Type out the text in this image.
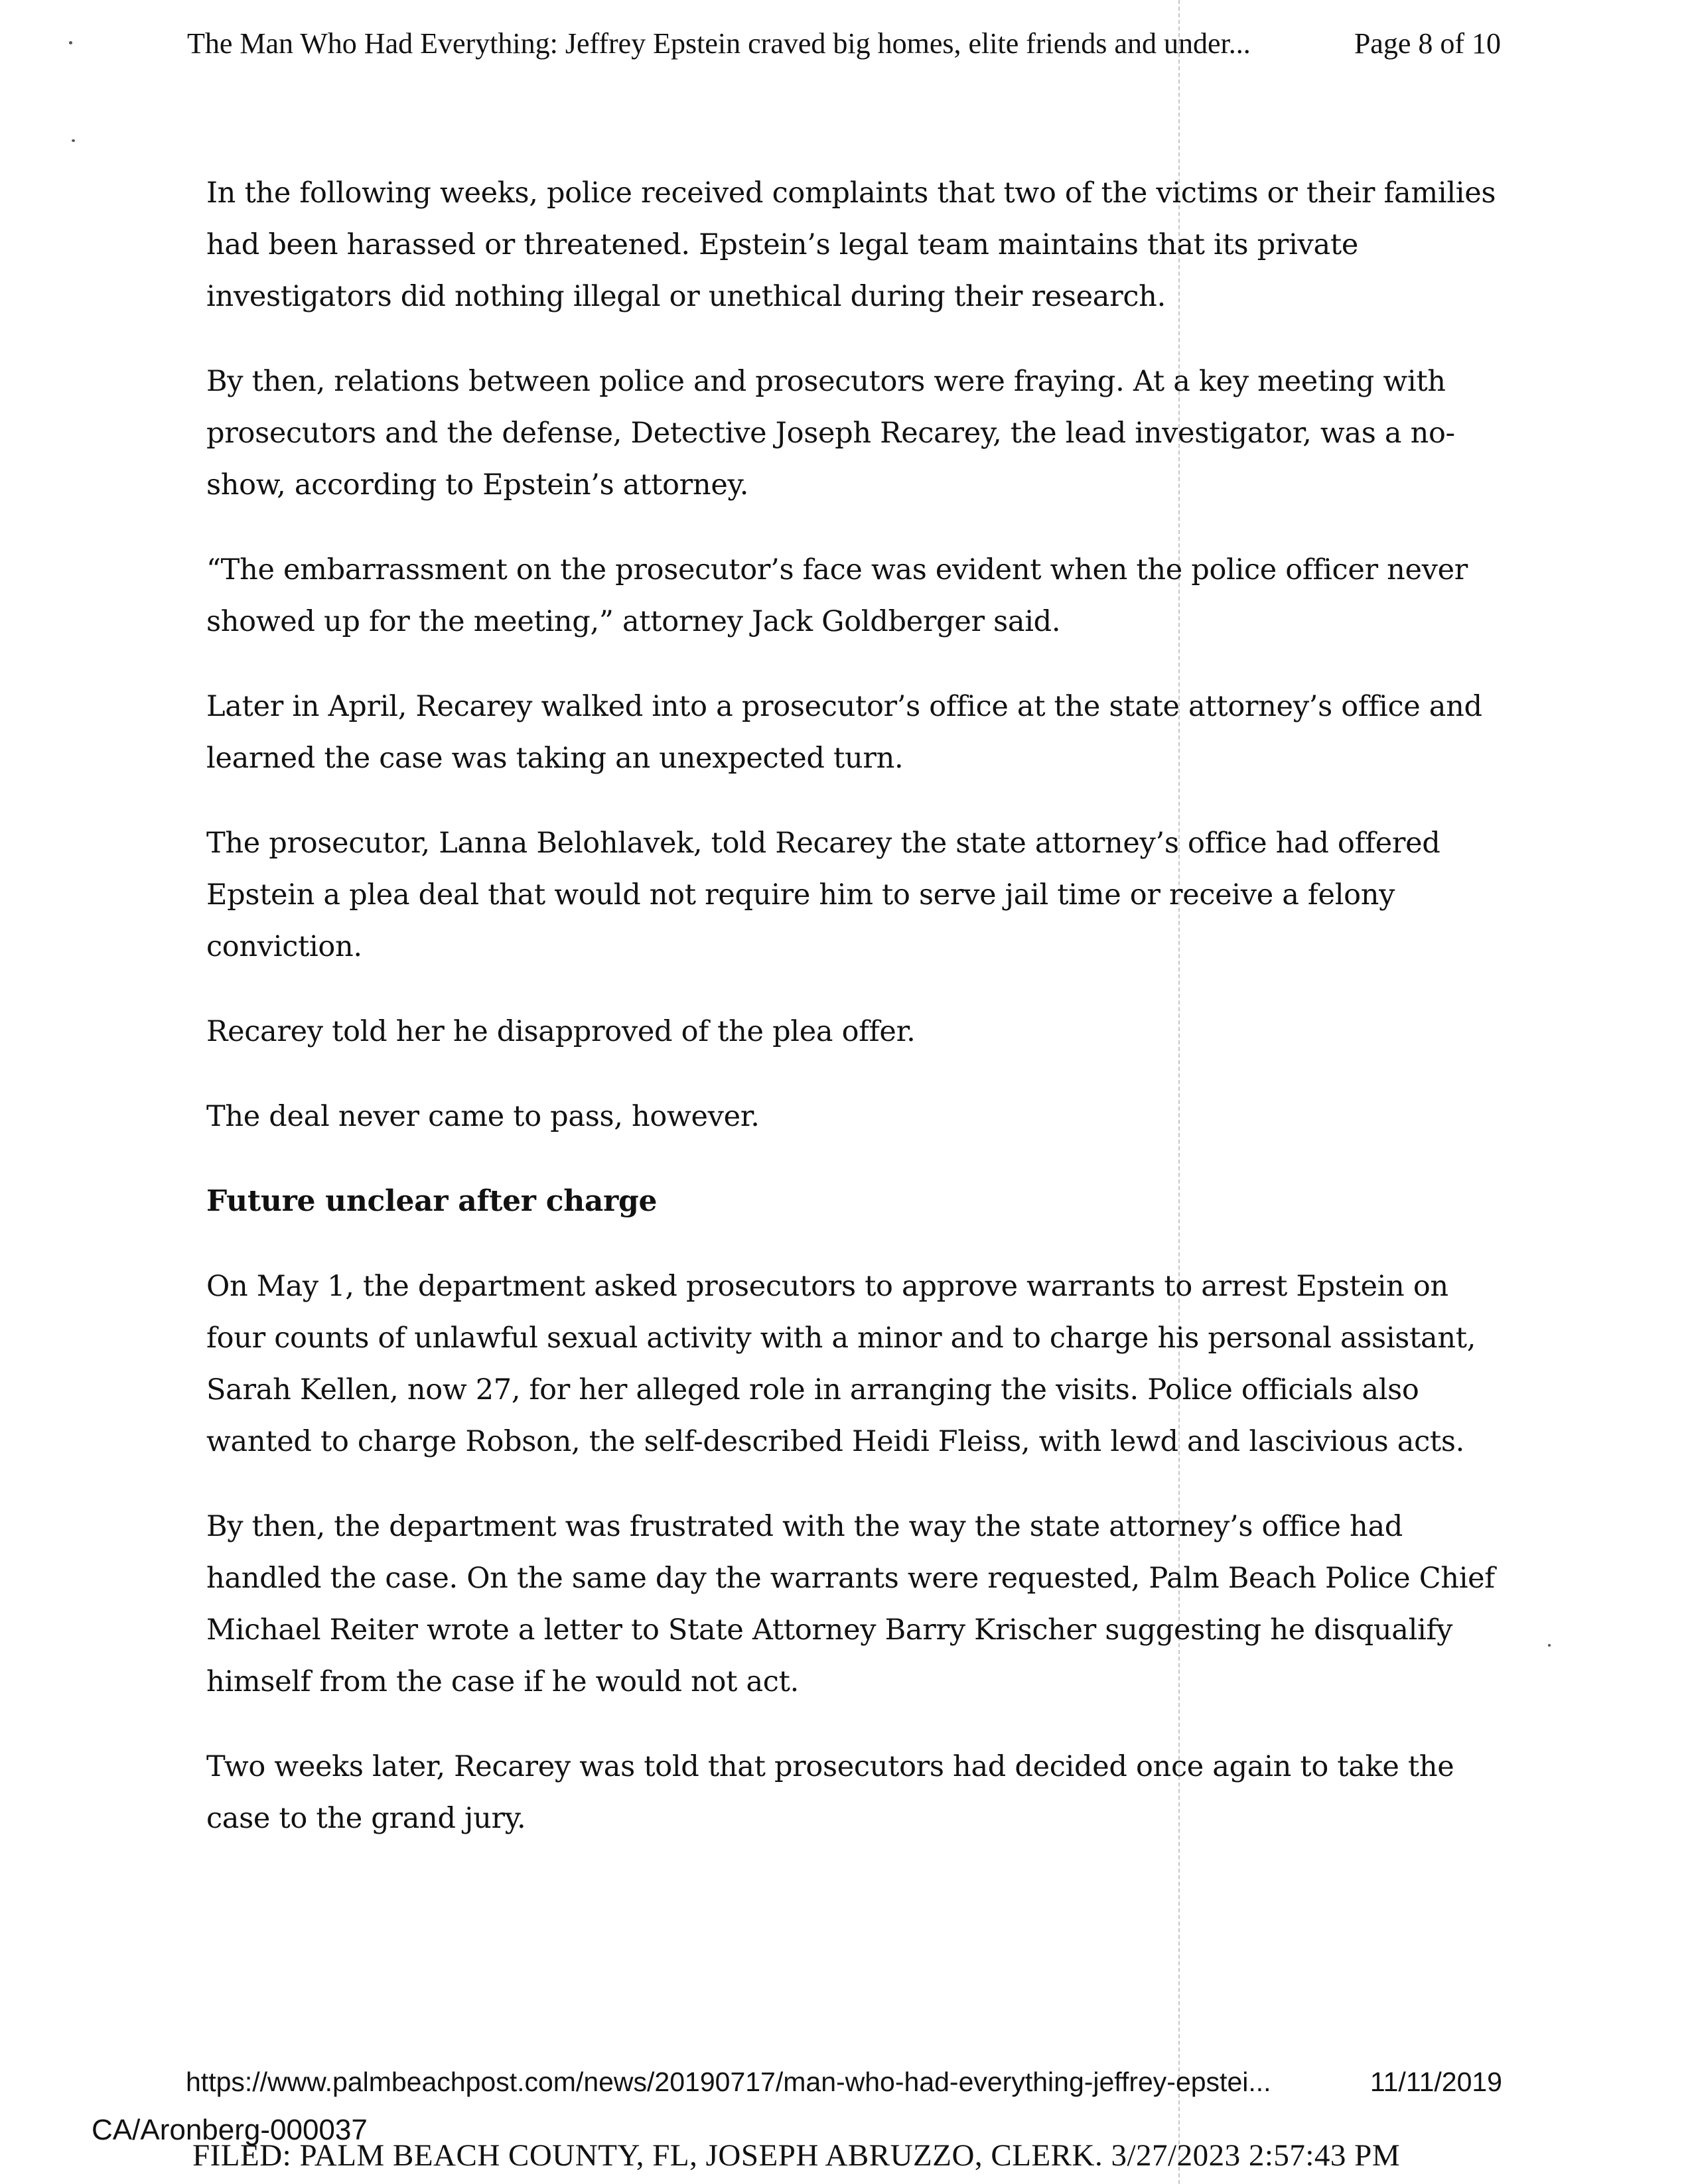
The Man Who Had Everything: Jeffrey Epstein craved big homes, elite friends and under...	Page 8 of 10

In the following weeks, police received complaints that two of the victims or their families had been harassed or threatened. Epstein’s legal team maintains that its private investigators did nothing illegal or unethical during their research.

By then, relations between police and prosecutors were fraying. At a key meeting with prosecutors and the defense, Detective Joseph Recarey, the lead investigator, was a no-show, according to Epstein’s attorney.

“The embarrassment on the prosecutor’s face was evident when the police officer never showed up for the meeting,” attorney Jack Goldberger said.

Later in April, Recarey walked into a prosecutor’s office at the state attorney’s office and learned the case was taking an unexpected turn.

The prosecutor, Lanna Belohlavek, told Recarey the state attorney’s office had offered Epstein a plea deal that would not require him to serve jail time or receive a felony conviction.

Recarey told her he disapproved of the plea offer.

The deal never came to pass, however.

Future unclear after charge

On May 1, the department asked prosecutors to approve warrants to arrest Epstein on four counts of unlawful sexual activity with a minor and to charge his personal assistant, Sarah Kellen, now 27, for her alleged role in arranging the visits. Police officials also wanted to charge Robson, the self-described Heidi Fleiss, with lewd and lascivious acts.

By then, the department was frustrated with the way the state attorney’s office had handled the case. On the same day the warrants were requested, Palm Beach Police Chief Michael Reiter wrote a letter to State Attorney Barry Krischer suggesting he disqualify himself from the case if he would not act.

Two weeks later, Recarey was told that prosecutors had decided once again to take the case to the grand jury.

https://www.palmbeachpost.com/news/20190717/man-who-had-everything-jeffrey-epstei...	11/11/2019
CA/Aronberg-000037
FILED: PALM BEACH COUNTY, FL, JOSEPH ABRUZZO, CLERK. 3/27/2023 2:57:43 PM
